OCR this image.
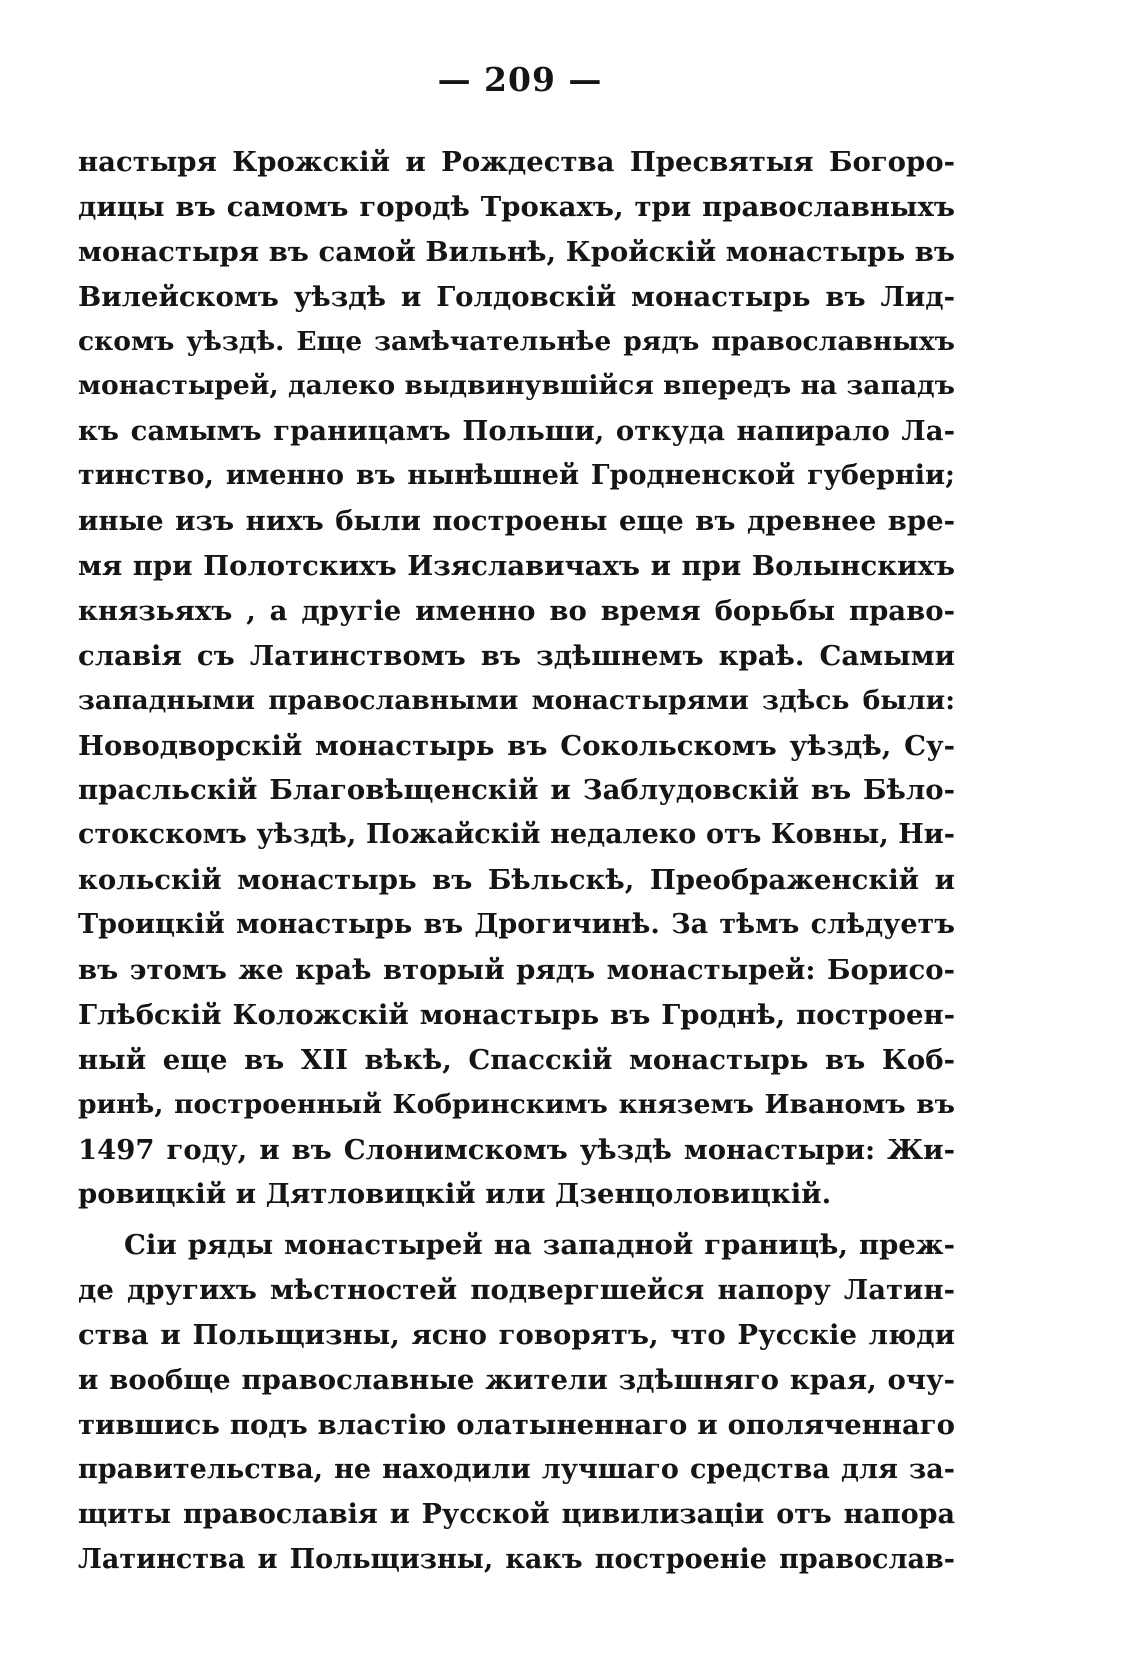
— 209 —
настыря Крожскій и Рождества Пресвятыя Богоро-
дицы въ самомъ городѣ Трокахъ, три православныхъ
монастыря въ самой Вильнѣ, Кройскій монастырь въ
Вилейскомъ уѣздѣ и Голдовскій монастырь въ Лид-
скомъ уѣздѣ. Еще замѣчательнѣе рядъ православныхъ
монастырей, далеко выдвинувшійся впередъ на западъ
къ самымъ границамъ Польши, откуда напирало Ла-
тинство, именно въ нынѣшней Гродненской губерніи;
иные изъ нихъ были построены еще въ древнее вре-
мя при Полотскихъ Изяславичахъ и при Волынскихъ
князьяхъ , а другіе именно во время борьбы право-
славія съ Латинствомъ въ здѣшнемъ краѣ. Самыми
западными православными монастырями здѣсь были:
Новодворскій монастырь въ Сокольскомъ уѣздѣ, Су-
прасльскій Благовѣщенскій и Заблудовскій въ Бѣло-
стокскомъ уѣздѣ, Пожайскій недалеко отъ Ковны, Ни-
кольскій монастырь въ Бѣльскѣ, Преображенскій и
Троицкій монастырь въ Дрогичинѣ. За тѣмъ слѣдуетъ
въ этомъ же краѣ вторый рядъ монастырей: Борисо-
Глѣбскій Коложскій монастырь въ Гроднѣ, построен-
ный еще въ XII вѣкѣ, Спасскій монастырь въ Коб-
ринѣ, построенный Кобринскимъ княземъ Иваномъ въ
1497 году, и въ Слонимскомъ уѣздѣ монастыри: Жи-
ровицкій и Дятловицкій или Дзенцоловицкій.
Сіи ряды монастырей на западной границѣ, преж-
де другихъ мѣстностей подвергшейся напору Латин-
ства и Польщизны, ясно говорятъ, что Русскіе люди
и вообще православные жители здѣшняго края, очу-
тившись подъ властію олатыненнаго и ополяченнаго
правительства, не находили лучшаго средства для за-
щиты православія и Русской цивилизаціи отъ напора
Латинства и Польщизны, какъ построеніе православ-
